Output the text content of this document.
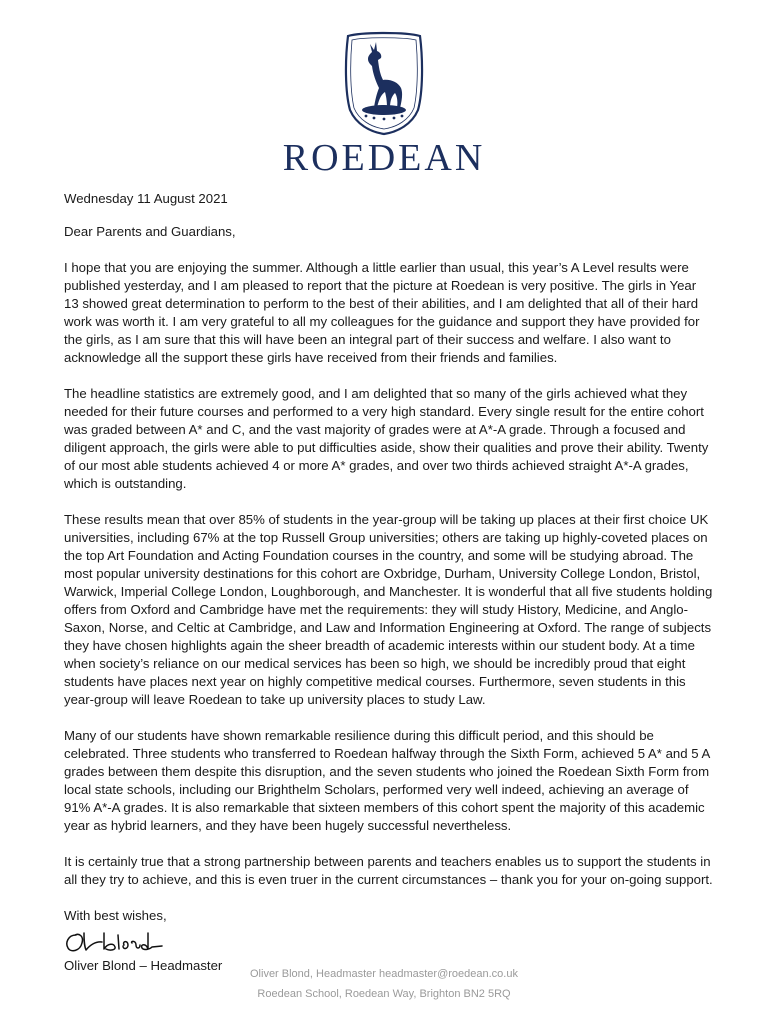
ROEDEAN

Wednesday 11 August 2021

Dear Parents and Guardians,

I hope that you are enjoying the summer. Although a little earlier than usual, this year’s A Level results were published yesterday, and I am pleased to report that the picture at Roedean is very positive. The girls in Year 13 showed great determination to perform to the best of their abilities, and I am delighted that all of their hard work was worth it. I am very grateful to all my colleagues for the guidance and support they have provided for the girls, as I am sure that this will have been an integral part of their success and welfare. I also want to acknowledge all the support these girls have received from their friends and families.

The headline statistics are extremely good, and I am delighted that so many of the girls achieved what they needed for their future courses and performed to a very high standard. Every single result for the entire cohort was graded between A* and C, and the vast majority of grades were at A*-A grade. Through a focused and diligent approach, the girls were able to put difficulties aside, show their qualities and prove their ability. Twenty of our most able students achieved 4 or more A* grades, and over two thirds achieved straight A*-A grades, which is outstanding.

These results mean that over 85% of students in the year-group will be taking up places at their first choice UK universities, including 67% at the top Russell Group universities; others are taking up highly-coveted places on the top Art Foundation and Acting Foundation courses in the country, and some will be studying abroad. The most popular university destinations for this cohort are Oxbridge, Durham, University College London, Bristol, Warwick, Imperial College London, Loughborough, and Manchester. It is wonderful that all five students holding offers from Oxford and Cambridge have met the requirements: they will study History, Medicine, and Anglo-Saxon, Norse, and Celtic at Cambridge, and Law and Information Engineering at Oxford. The range of subjects they have chosen highlights again the sheer breadth of academic interests within our student body. At a time when society’s reliance on our medical services has been so high, we should be incredibly proud that eight students have places next year on highly competitive medical courses. Furthermore, seven students in this year-group will leave Roedean to take up university places to study Law.

Many of our students have shown remarkable resilience during this difficult period, and this should be celebrated. Three students who transferred to Roedean halfway through the Sixth Form, achieved 5 A* and 5 A grades between them despite this disruption, and the seven students who joined the Roedean Sixth Form from local state schools, including our Brighthelm Scholars, performed very well indeed, achieving an average of 91% A*-A grades. It is also remarkable that sixteen members of this cohort spent the majority of this academic year as hybrid learners, and they have been hugely successful nevertheless.

It is certainly true that a strong partnership between parents and teachers enables us to support the students in all they try to achieve, and this is even truer in the current circumstances – thank you for your on-going support.

With best wishes,

Oliver Blond – Headmaster

Oliver Blond, Headmaster headmaster@roedean.co.uk
Roedean School, Roedean Way, Brighton BN2 5RQ
